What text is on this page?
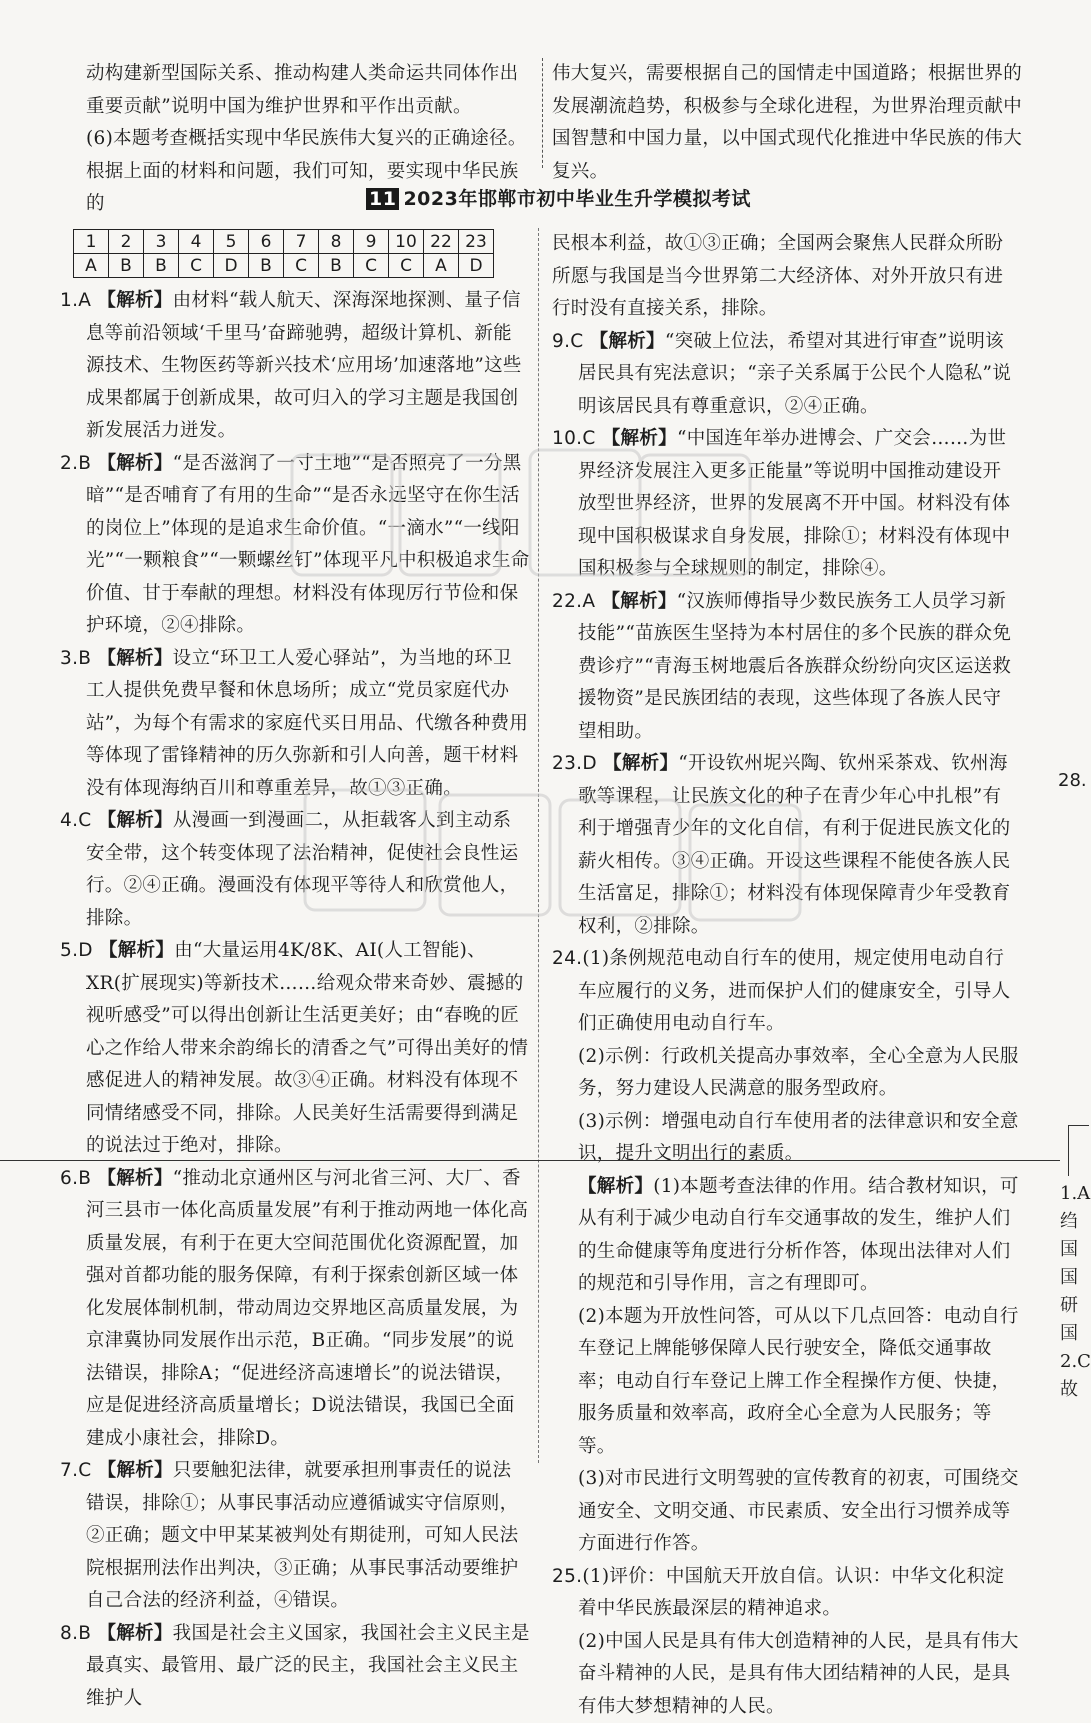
动构建新型国际关系、推动构建人类命运共同体作出重要贡献”说明中国为维护世界和平作出贡献。

(6)本题考查概括实现中华民族伟大复兴的正确途径。根据上面的材料和问题，我们可知，要实现中华民族的

伟大复兴，需要根据自己的国情走中国道路；根据世界的发展潮流趋势，积极参与全球化进程，为世界治理贡献中国智慧和中国力量，以中国式现代化推进中华民族的伟大复兴。

11 2023年邯郸市初中毕业生升学模拟考试
1	2	3	4	5	6	7	8	9	10	22	23
A	B	B	C	D	B	C	B	C	C	A	D

1.A 【解析】由材料“载人航天、深海深地探测、量子信息等前沿领域‘千里马’奋蹄驰骋，超级计算机、新能源技术、生物医药等新兴技术‘应用场’加速落地”这些成果都属于创新成果，故可归入的学习主题是我国创新发展活力迸发。

2.B 【解析】“是否滋润了一寸土地”“是否照亮了一分黑暗”“是否哺育了有用的生命”“是否永远坚守在你生活的岗位上”体现的是追求生命价值。“一滴水”“一线阳光”“一颗粮食”“一颗螺丝钉”体现平凡中积极追求生命价值、甘于奉献的理想。材料没有体现厉行节俭和保护环境，②④排除。

3.B 【解析】设立“环卫工人爱心驿站”，为当地的环卫工人提供免费早餐和休息场所；成立“党员家庭代办站”，为每个有需求的家庭代买日用品、代缴各种费用等体现了雷锋精神的历久弥新和引人向善，题干材料没有体现海纳百川和尊重差异，故①③正确。

4.C 【解析】从漫画一到漫画二，从拒载客人到主动系安全带，这个转变体现了法治精神，促使社会良性运行。②④正确。漫画没有体现平等待人和欣赏他人，排除。

5.D 【解析】由“大量运用4K/8K、AI(人工智能)、XR(扩展现实)等新技术……给观众带来奇妙、震撼的视听感受”可以得出创新让生活更美好；由“春晚的匠心之作给人带来余韵绵长的清香之气”可得出美好的情感促进人的精神发展。故③④正确。材料没有体现不同情绪感受不同，排除。人民美好生活需要得到满足的说法过于绝对，排除。

6.B 【解析】“推动北京通州区与河北省三河、大厂、香河三县市一体化高质量发展”有利于推动两地一体化高质量发展，有利于在更大空间范围优化资源配置，加强对首都功能的服务保障，有利于探索创新区域一体化发展体制机制，带动周边交界地区高质量发展，为京津冀协同发展作出示范，B正确。“同步发展”的说法错误，排除A；“促进经济高速增长”的说法错误，应是促进经济高质量增长；D说法错误，我国已全面建成小康社会，排除D。

7.C 【解析】只要触犯法律，就要承担刑事责任的说法错误，排除①；从事民事活动应遵循诚实守信原则，②正确；题文中甲某某被判处有期徒刑，可知人民法院根据刑法作出判决，③正确；从事民事活动要维护自己合法的经济利益，④错误。

8.B 【解析】我国是社会主义国家，我国社会主义民主是最真实、最管用、最广泛的民主，我国社会主义民主维护人

民根本利益，故①③正确；全国两会聚焦人民群众所盼所愿与我国是当今世界第二大经济体、对外开放只有进行时没有直接关系，排除。

9.C 【解析】“突破上位法，希望对其进行审查”说明该居民具有宪法意识；“亲子关系属于公民个人隐私”说明该居民具有尊重意识，②④正确。

10.C 【解析】“中国连年举办进博会、广交会……为世界经济发展注入更多正能量”等说明中国推动建设开放型世界经济，世界的发展离不开中国。材料没有体现中国积极谋求自身发展，排除①；材料没有体现中国积极参与全球规则的制定，排除④。

22.A 【解析】“汉族师傅指导少数民族务工人员学习新技能”“苗族医生坚持为本村居住的多个民族的群众免费诊疗”“青海玉树地震后各族群众纷纷向灾区运送救援物资”是民族团结的表现，这些体现了各族人民守望相助。

23.D 【解析】“开设钦州坭兴陶、钦州采茶戏、钦州海歌等课程，让民族文化的种子在青少年心中扎根”有利于增强青少年的文化自信，有利于促进民族文化的薪火相传。③④正确。开设这些课程不能使各族人民生活富足，排除①；材料没有体现保障青少年受教育权利，②排除。

24.(1)条例规范电动自行车的使用，规定使用电动自行车应履行的义务，进而保护人们的健康安全，引导人们正确使用电动自行车。

(2)示例：行政机关提高办事效率，全心全意为人民服务，努力建设人民满意的服务型政府。

(3)示例：增强电动自行车使用者的法律意识和安全意识，提升文明出行的素质。

【解析】(1)本题考查法律的作用。结合教材知识，可从有利于减少电动自行车交通事故的发生，维护人们的生命健康等角度进行分析作答，体现出法律对人们的规范和引导作用，言之有理即可。

(2)本题为开放性问答，可从以下几点回答：电动自行车登记上牌能够保障人民行驶安全，降低交通事故率；电动自行车登记上牌工作全程操作方便、快捷，服务质量和效率高，政府全心全意为人民服务；等等。

(3)对市民进行文明驾驶的宣传教育的初衷，可围绕交通安全、文明交通、市民素质、安全出行习惯养成等方面进行作答。

25.(1)评价：中国航天开放自信。认识：中华文化积淀着中华民族最深层的精神追求。

(2)中国人民是具有伟大创造精神的人民，是具有伟大奋斗精神的人民，是具有伟大团结精神的人民，是具有伟大梦想精神的人民。

28.
1.A
绉
国
国
研
国
2.C
故
